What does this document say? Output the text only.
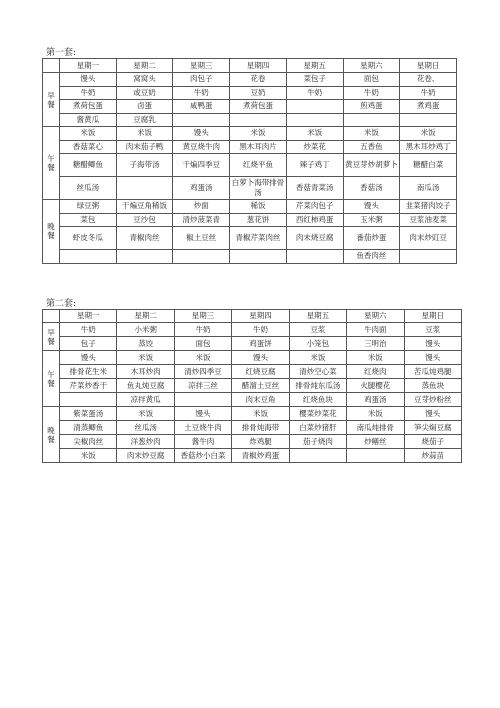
第一套:
	星期一	星期二	星期三	星期四	星期五	星期六	星期日

早
餐	馒头	窝窝头	肉包子	花卷	菜包子	面包	花卷、
	牛奶	或豆奶	牛奶	豆奶	牛奶	牛奶	牛奶
	煮荷包蛋	卤蛋	咸鸭蛋	煮荷包蛋		煎鸡蛋	煮鸡蛋
	酱黄瓜	豆腐乳					

午
餐	米饭	米饭	馒头	米饭	米饭	米饭	米饭
	香菇菜心	肉末茄子鸭	黄豆烧牛肉	黑木耳肉片	炒菜花	五香鱼	黑木耳炒鸡丁
	糖醋鲫鱼	子海带汤	干煸四季豆	红烧平鱼	辣子鸡丁	黄豆芽炒胡萝卜	糖醋白菜
	丝瓜汤		鸡蛋汤	白萝卜海带排骨汤	香菇青菜汤	香菇汤	南瓜汤

晚
餐	绿豆粥	干煸豆角稀饭	炒面	稀饭	芹菜肉包子	馒头	韭菜猪肉饺子
	菜包	豆沙包	清炒菠菜青	葱花饼	西红柿鸡蛋	玉米粥	豆浆油麦菜
	虾皮冬瓜	青椒肉丝	椒土豆丝	青椒芹菜肉丝	肉末烧豆腐	番茄炒蛋	肉末炒豇豆
						鱼香肉丝	
第二套:
	星期一	星期二	星期三	星期四	星期五	星期六	星期日

早
餐	牛奶	小米粥	牛奶	牛奶	豆浆	牛肉面	豆浆
	包子	蒸饺	面包	鸡蛋饼	小笼包	三明治	馒头

午
餐	馒头	米饭	米饭	馒头	米饭	米饭	馒头
	排骨花生米	木耳炒肉	清炒四季豆	红烧豆腐	清炒空心菜	红烧肉	苦瓜炖鸡腿
	芹菜炒香干	鱼丸炖豆腐	凉拌三丝	醋溜土豆丝	排骨炖东瓜汤	火腿樱花	蒸鱼块
		凉拌黄瓜		肉末豆角	红烧鱼块	鸡蛋汤	豆芽炒粉丝

晚
餐	紫菜蛋汤	米饭	馒头	米饭	樱菜炒菜花	米饭	馒头
	清蒸鲫鱼	丝瓜汤	土豆烧牛肉	排骨炖海带	白菜炒猪肝	南瓜炖排骨	笋尖焖豆腐
	尖椒肉丝	洋葱炒肉	酱牛肉	炸鸡腿	茄子烧肉	炒鳝丝	烧茄子
	米饭	肉末炒豆腐	香菇炒小白菜	青椒炒鸡蛋			炒蒜苗
